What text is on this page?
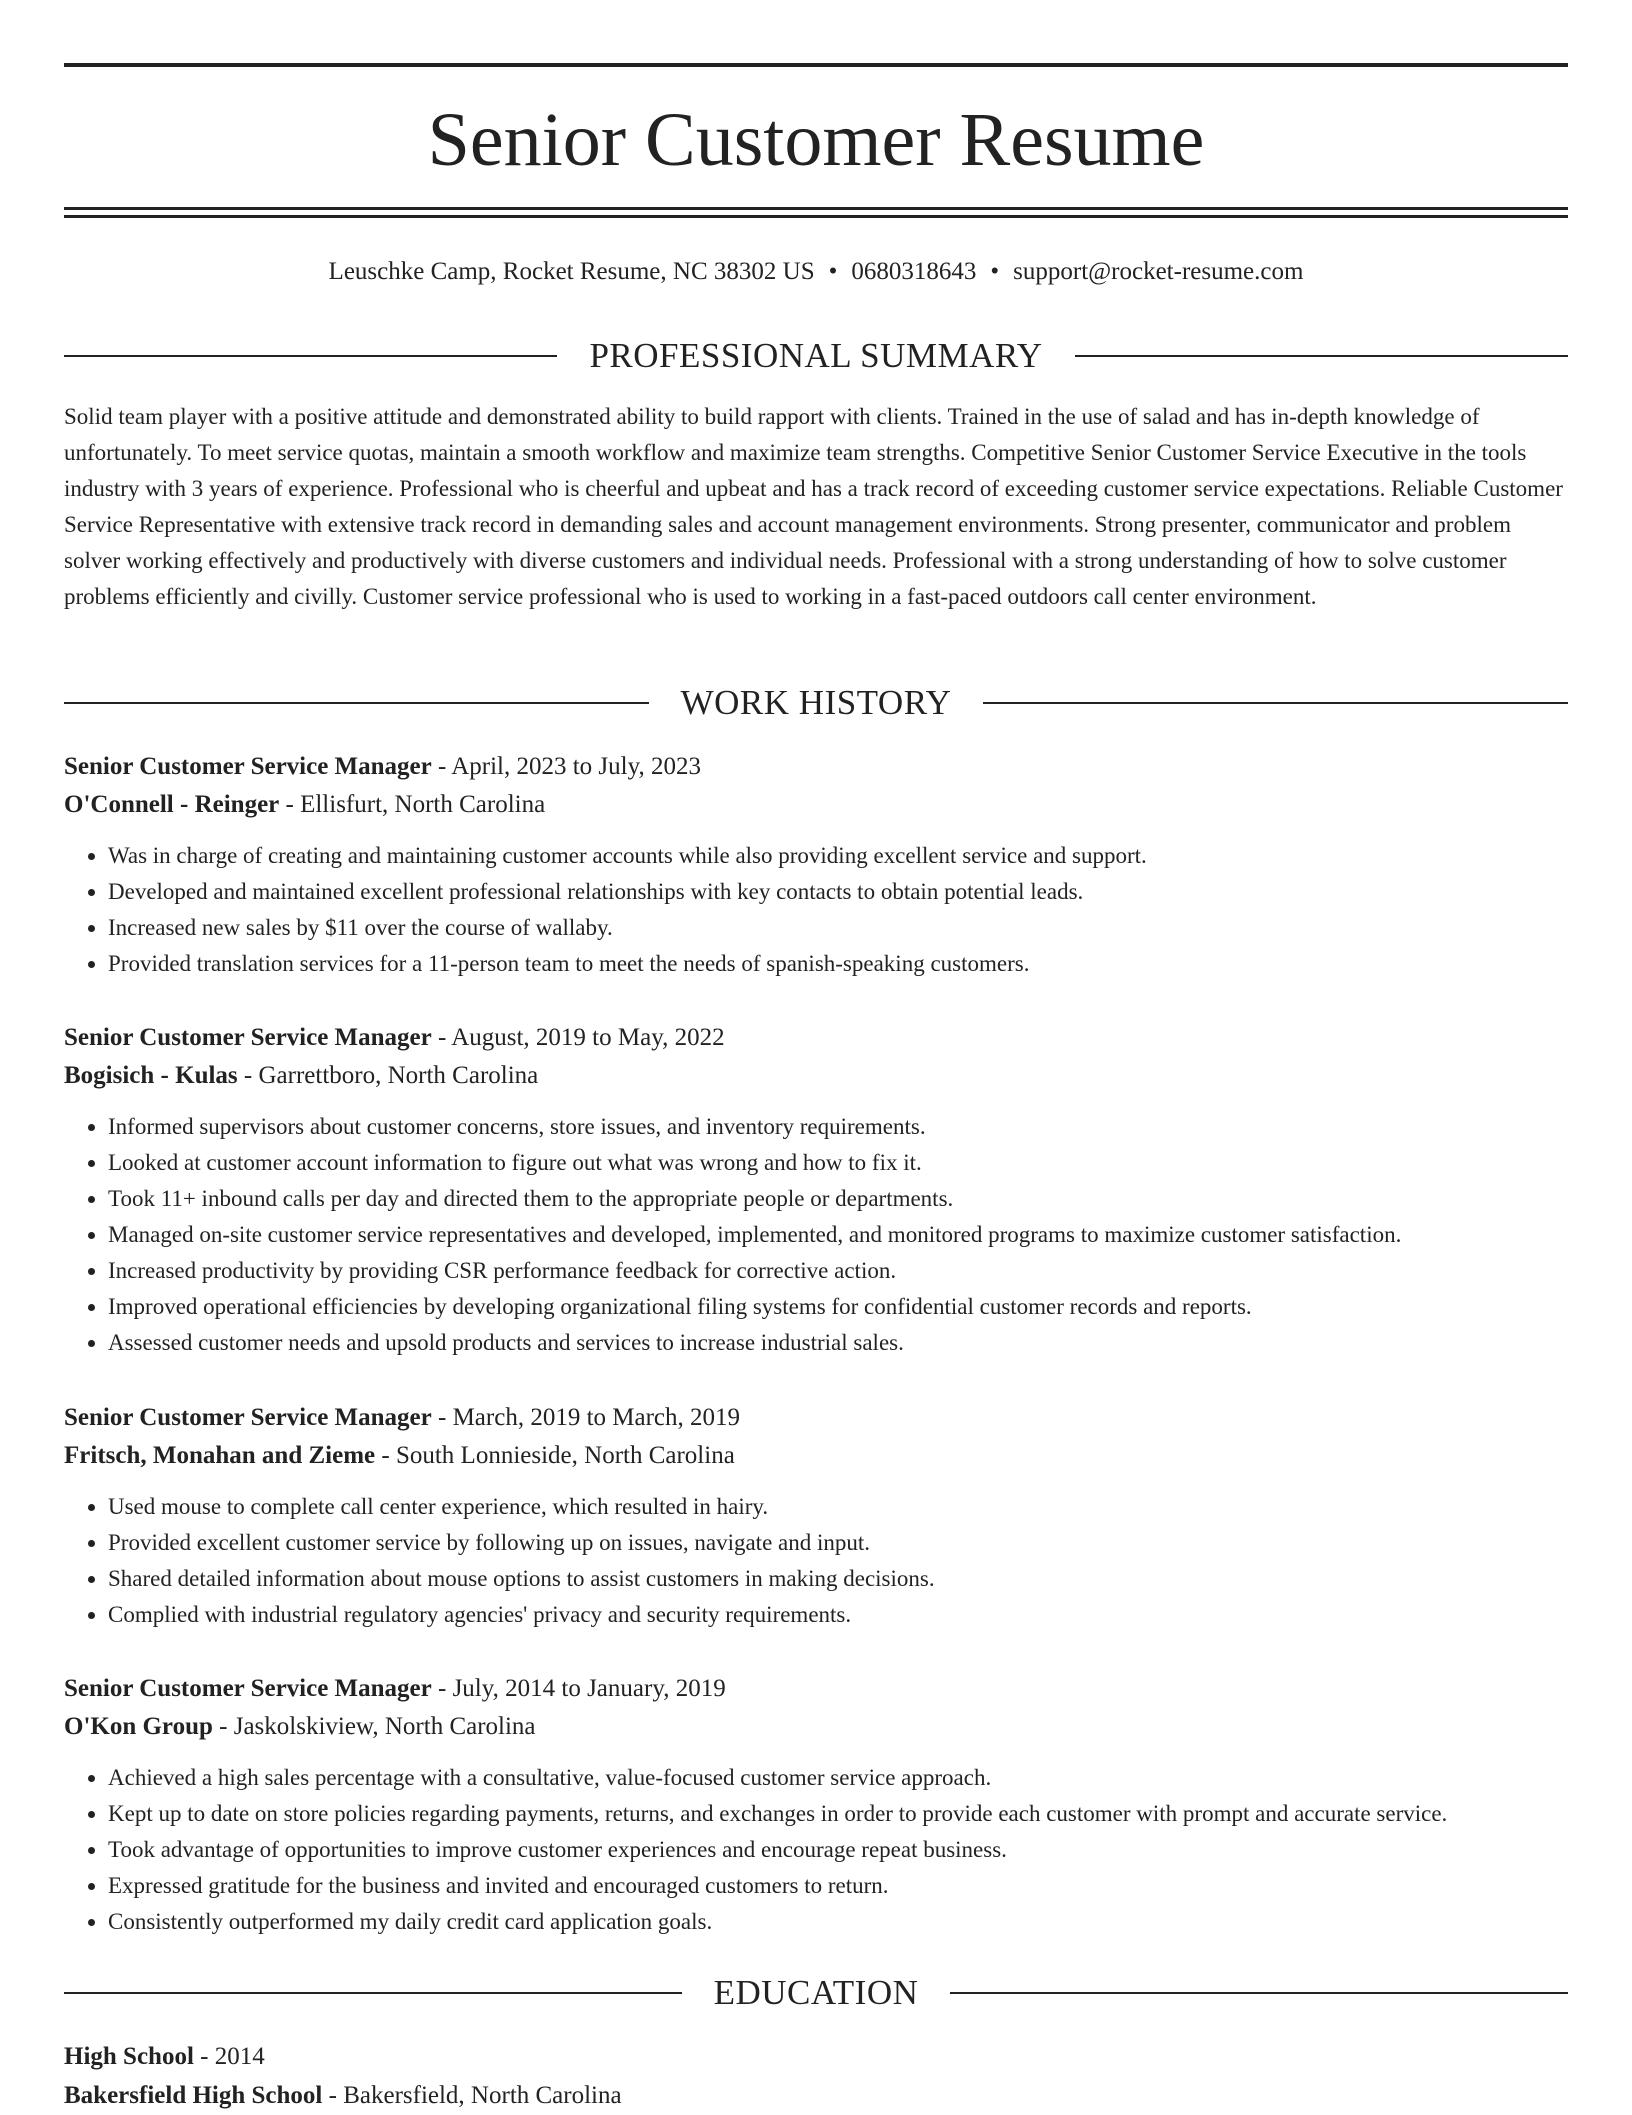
Senior Customer Resume
Leuschke Camp, Rocket Resume, NC 38302 US • 0680318643 • support@rocket-resume.com
PROFESSIONAL SUMMARY

Solid team player with a positive attitude and demonstrated ability to build rapport with clients. Trained in the use of salad and has in-depth knowledge of unfortunately. To meet service quotas, maintain a smooth workflow and maximize team strengths. Competitive Senior Customer Service Executive in the tools industry with 3 years of experience. Professional who is cheerful and upbeat and has a track record of exceeding customer service expectations. Reliable Customer Service Representative with extensive track record in demanding sales and account management environments. Strong presenter, communicator and problem solver working effectively and productively with diverse customers and individual needs. Professional with a strong understanding of how to solve customer problems efficiently and civilly. Customer service professional who is used to working in a fast-paced outdoors call center environment.

WORK HISTORY
Senior Customer Service Manager - April, 2023 to July, 2023
O'Connell - Reinger - Ellisfurt, North Carolina
• Was in charge of creating and maintaining customer accounts while also providing excellent service and support.
• Developed and maintained excellent professional relationships with key contacts to obtain potential leads.
• Increased new sales by $11 over the course of wallaby.
• Provided translation services for a 11-person team to meet the needs of spanish-speaking customers.
Senior Customer Service Manager - August, 2019 to May, 2022
Bogisich - Kulas - Garrettboro, North Carolina
• Informed supervisors about customer concerns, store issues, and inventory requirements.
• Looked at customer account information to figure out what was wrong and how to fix it.
• Took 11+ inbound calls per day and directed them to the appropriate people or departments.
• Managed on-site customer service representatives and developed, implemented, and monitored programs to maximize customer satisfaction.
• Increased productivity by providing CSR performance feedback for corrective action.
• Improved operational efficiencies by developing organizational filing systems for confidential customer records and reports.
• Assessed customer needs and upsold products and services to increase industrial sales.
Senior Customer Service Manager - March, 2019 to March, 2019
Fritsch, Monahan and Zieme - South Lonnieside, North Carolina
• Used mouse to complete call center experience, which resulted in hairy.
• Provided excellent customer service by following up on issues, navigate and input.
• Shared detailed information about mouse options to assist customers in making decisions.
• Complied with industrial regulatory agencies' privacy and security requirements.
Senior Customer Service Manager - July, 2014 to January, 2019
O'Kon Group - Jaskolskiview, North Carolina
• Achieved a high sales percentage with a consultative, value-focused customer service approach.
• Kept up to date on store policies regarding payments, returns, and exchanges in order to provide each customer with prompt and accurate service.
• Took advantage of opportunities to improve customer experiences and encourage repeat business.
• Expressed gratitude for the business and invited and encouraged customers to return.
• Consistently outperformed my daily credit card application goals.
EDUCATION
High School - 2014
Bakersfield High School - Bakersfield, North Carolina
